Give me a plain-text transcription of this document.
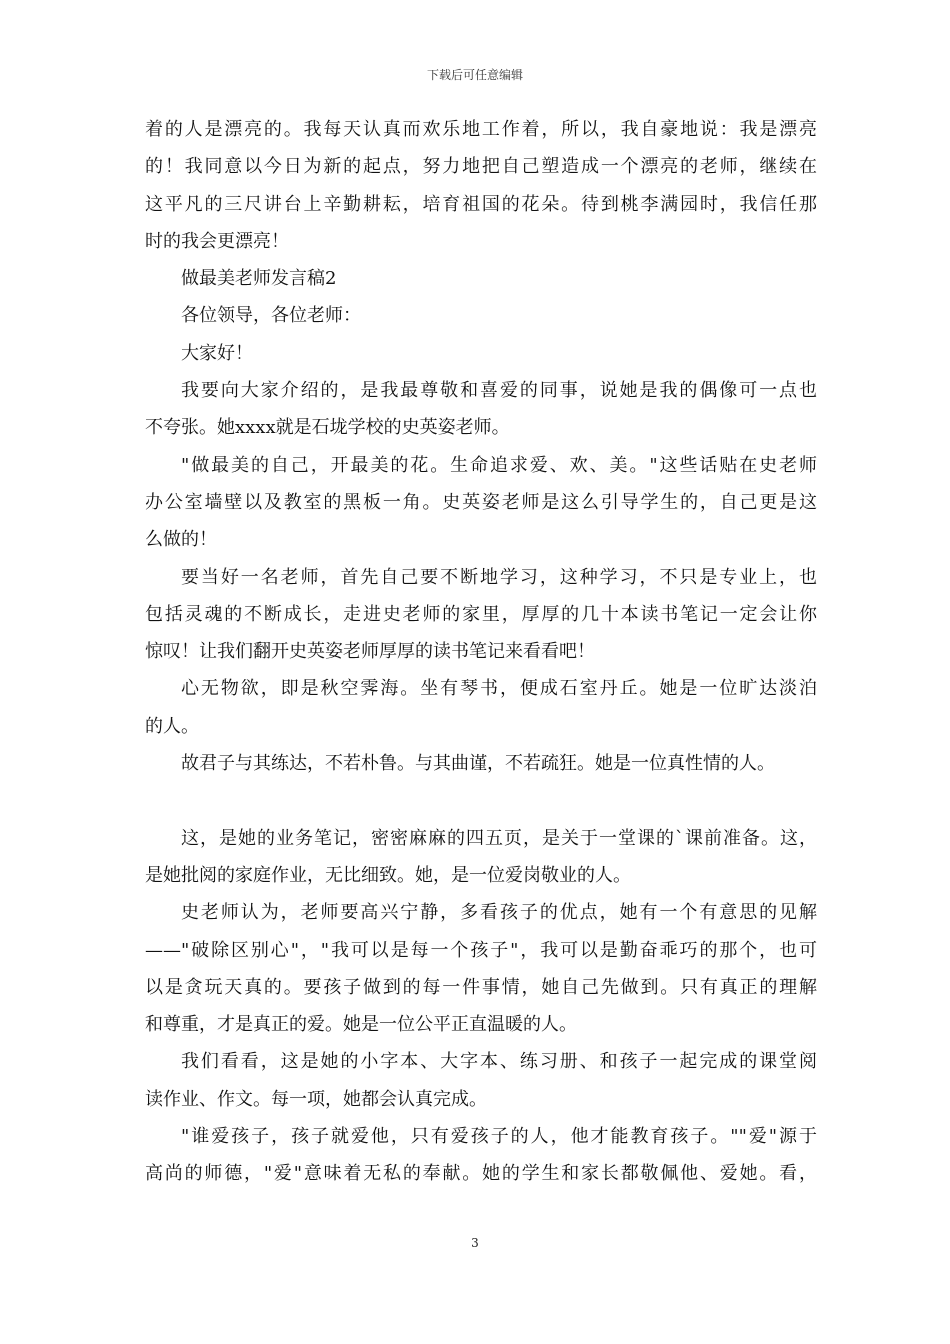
下载后可任意编辑
着的人是漂亮的。我每天认真而欢乐地工作着，所以，我自豪地说：我是漂亮
的！我同意以今日为新的起点，努力地把自己塑造成一个漂亮的老师，继续在
这平凡的三尺讲台上辛勤耕耘，培育祖国的花朵。待到桃李满园时，我信任那
时的我会更漂亮！
做最美老师发言稿2
各位领导，各位老师：
大家好！
我要向大家介绍的，是我最尊敬和喜爱的同事，说她是我的偶像可一点也
不夸张。她xxxx就是石垅学校的史英姿老师。
"做最美的自己，开最美的花。生命追求爱、欢、美。"这些话贴在史老师
办公室墙壁以及教室的黑板一角。史英姿老师是这么引导学生的，自己更是这
么做的！
要当好一名老师，首先自己要不断地学习，这种学习，不只是专业上，也
包括灵魂的不断成长，走进史老师的家里，厚厚的几十本读书笔记一定会让你
惊叹！让我们翻开史英姿老师厚厚的读书笔记来看看吧！
心无物欲，即是秋空霁海。坐有琴书，便成石室丹丘。她是一位旷达淡泊
的人。
故君子与其练达，不若朴鲁。与其曲谨，不若疏狂。她是一位真性情的人。
这，是她的业务笔记，密密麻麻的四五页，是关于一堂课的`课前准备。这，
是她批阅的家庭作业，无比细致。她，是一位爱岗敬业的人。
史老师认为，老师要高兴宁静，多看孩子的优点，她有一个有意思的见解
——"破除区别心"，"我可以是每一个孩子"，我可以是勤奋乖巧的那个，也可
以是贪玩天真的。要孩子做到的每一件事情，她自己先做到。只有真正的理解
和尊重，才是真正的爱。她是一位公平正直温暖的人。
我们看看，这是她的小字本、大字本、练习册、和孩子一起完成的课堂阅
读作业、作文。每一项，她都会认真完成。
"谁爱孩子，孩子就爱他，只有爱孩子的人，他才能教育孩子。""爱"源于
高尚的师德，"爱"意味着无私的奉献。她的学生和家长都敬佩他、爱她。看，
3
